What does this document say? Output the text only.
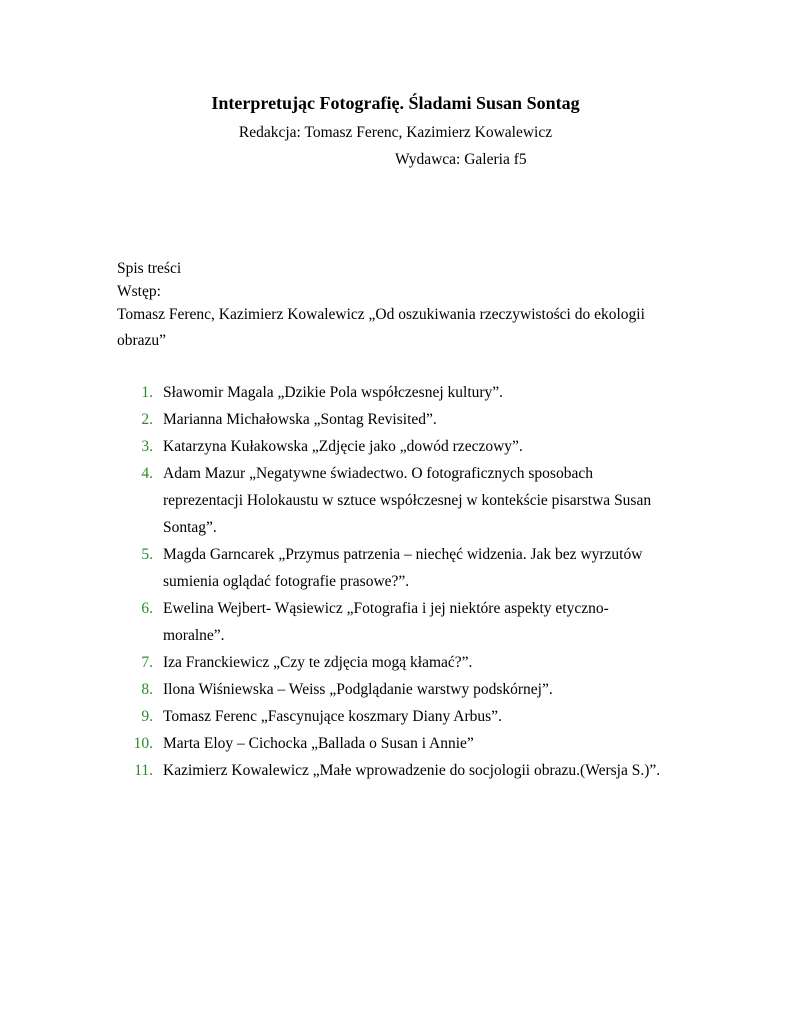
Interpretując Fotografię. Śladami Susan Sontag
Redakcja: Tomasz Ferenc, Kazimierz Kowalewicz
Wydawca: Galeria f5
Spis treści
Wstęp:
Tomasz Ferenc, Kazimierz Kowalewicz „Od oszukiwania rzeczywistości do ekologii obrazu”
1. Sławomir Magala „Dzikie Pola współczesnej kultury”.
2. Marianna Michałowska „Sontag Revisited”.
3. Katarzyna Kułakowska „Zdjęcie jako „dowód rzeczowy”.
4. Adam Mazur „Negatywne świadectwo. O fotograficznych sposobach reprezentacji Holokaustu w sztuce współczesnej w kontekście pisarstwa Susan Sontag”.
5. Magda Garncarek „Przymus patrzenia – niechęć widzenia. Jak bez wyrzutów sumienia oglądać fotografie prasowe?”.
6. Ewelina Wejbert- Wąsiewicz „Fotografia i jej niektóre aspekty etyczno-moralne”.
7. Iza Franckiewicz „Czy te zdjęcia mogą kłamać?”.
8. Ilona Wiśniewska – Weiss „Podglądanie warstwy podskórnej”.
9. Tomasz Ferenc „Fascynujące koszmary Diany Arbus”.
10. Marta Eloy – Cichocka „Ballada o Susan i Annie”
11. Kazimierz Kowalewicz „Małe wprowadzenie do socjologii obrazu.(Wersja S.)”.
